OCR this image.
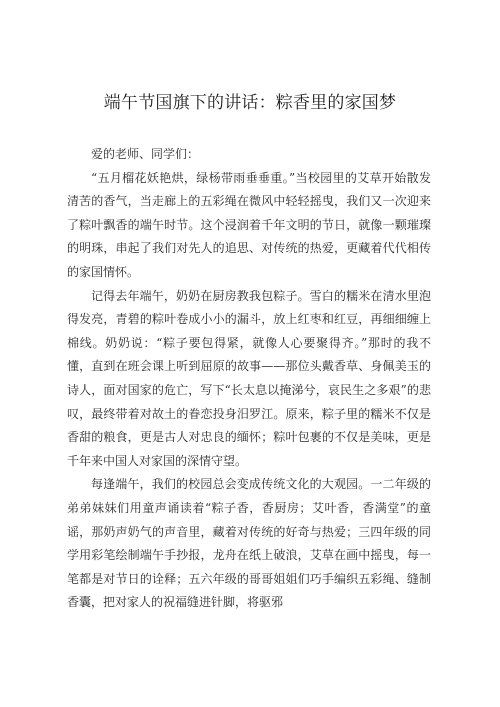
端午节国旗下的讲话：粽香里的家国梦

爱的老师、同学们：

“五月榴花妖艳烘，绿杨带雨垂垂重。”当校园里的艾草开始散发清苦的香气，当走廊上的五彩绳在微风中轻轻摇曳，我们又一次迎来了粽叶飘香的端午时节。这个浸润着千年文明的节日，就像一颗璀璨的明珠，串起了我们对先人的追思、对传统的热爱，更藏着代代相传的家国情怀。

记得去年端午，奶奶在厨房教我包粽子。雪白的糯米在清水里泡得发亮，青碧的粽叶卷成小小的漏斗，放上红枣和红豆，再细细缠上棉线。奶奶说：“粽子要包得紧，就像人心要聚得齐。”那时的我不懂，直到在班会课上听到屈原的故事——那位头戴香草、身佩美玉的诗人，面对国家的危亡，写下“长太息以掩涕兮，哀民生之多艰”的悲叹，最终带着对故土的眷恋投身汨罗江。原来，粽子里的糯米不仅是香甜的粮食，更是古人对忠良的缅怀；粽叶包裹的不仅是美味，更是千年来中国人对家国的深情守望。

每逢端午，我们的校园总会变成传统文化的大观园。一二年级的弟弟妹妹们用童声诵读着“粽子香，香厨房；艾叶香，香满堂”的童谣，那奶声奶气的声音里，藏着对传统的好奇与热爱；三四年级的同学用彩笔绘制端午手抄报，龙舟在纸上破浪，艾草在画中摇曳，每一笔都是对节日的诠释；五六年级的哥哥姐姐们巧手编织五彩绳、缝制香囊，把对家人的祝福缝进针脚，将驱邪
